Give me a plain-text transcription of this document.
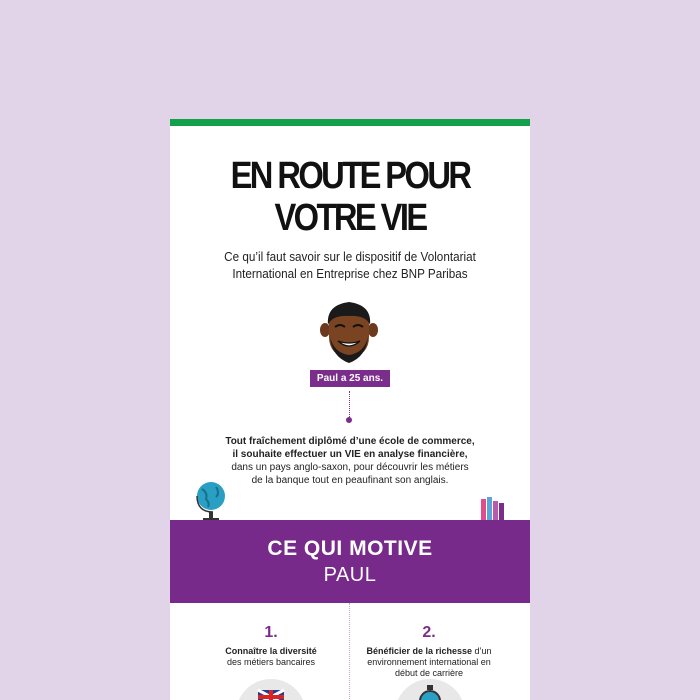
EN ROUTE POUR
VOTRE VIE
Ce qu’il faut savoir sur le dispositif de Volontariat
International en Entreprise chez BNP Paribas
Paul a 25 ans.
Tout fraîchement diplômé d’une école de commerce,
il souhaite effectuer un VIE en analyse financière,
dans un pays anglo-saxon, pour découvrir les métiers
de la banque tout en peaufinant son anglais.
CE QUI MOTIVE
PAUL
1.
Connaître la diversité
des métiers bancaires
2.
Bénéficier de la richesse d’un
environnement international en
début de carrière
